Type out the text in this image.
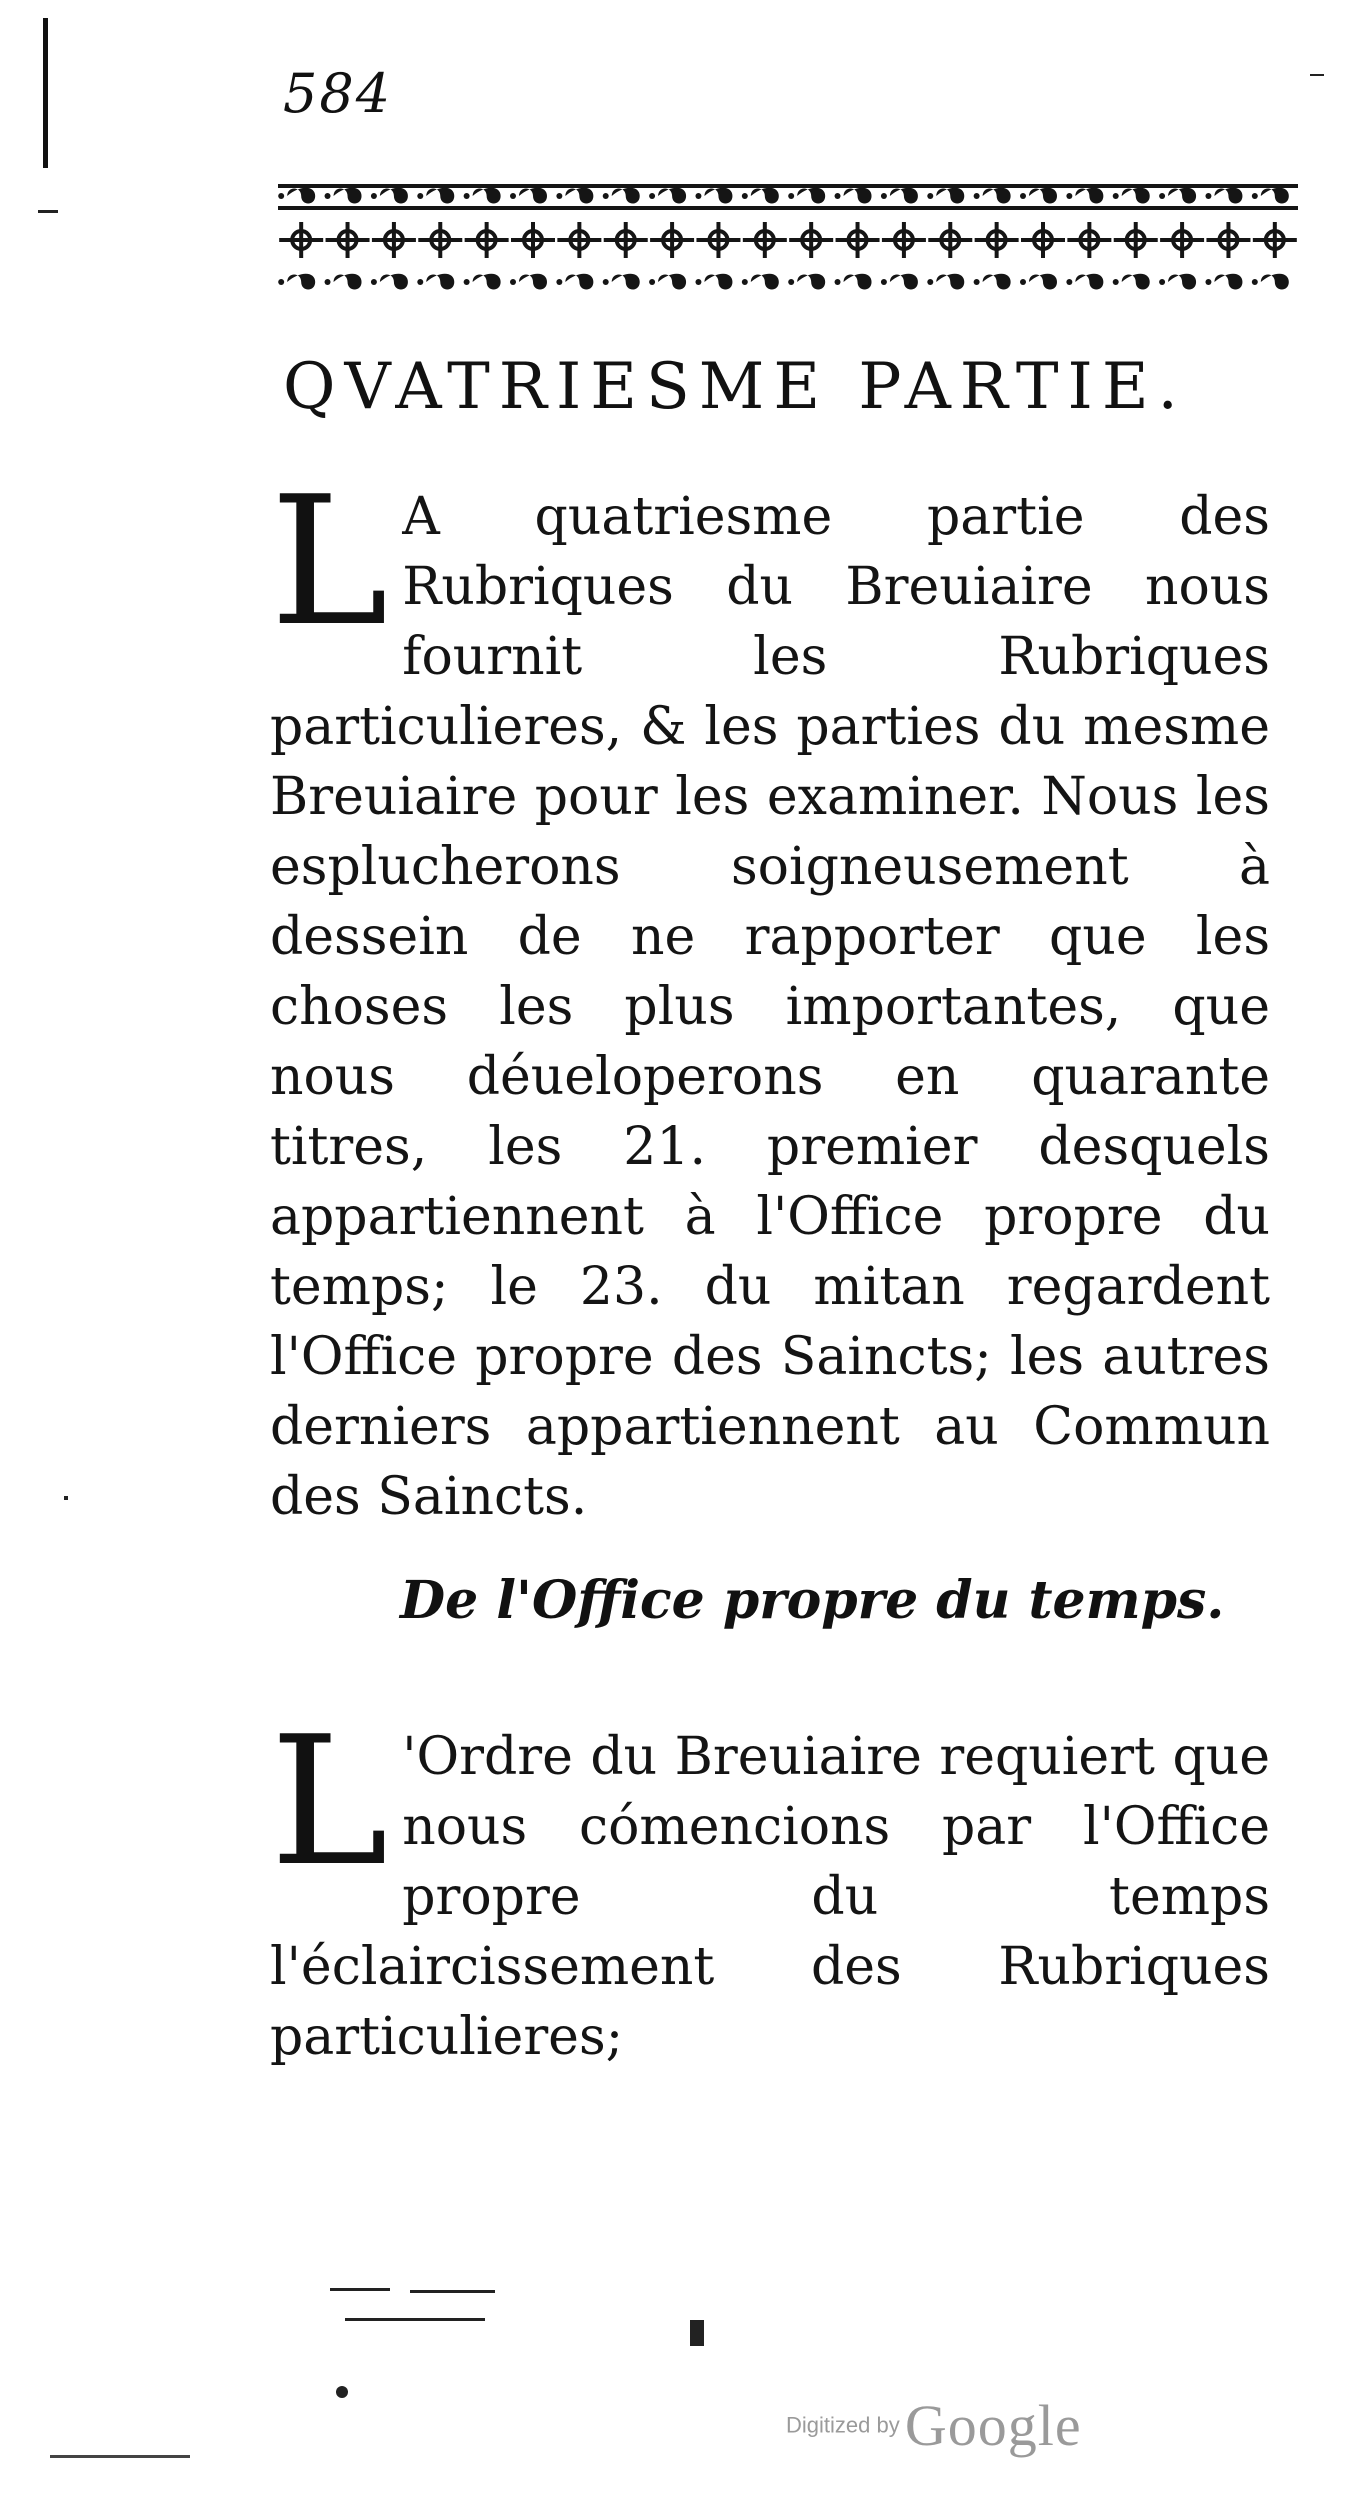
584
QVATRIESME PARTIE.
L A quatriesme partie des Rubriques du Breuiaire nous fournit les Rubriques particulieres, & les parties du mesme Breuiaire pour les examiner. Nous les esplucherons soigneusement à dessein de ne rapporter que les choses les plus importantes, que nous déueloperons en quarante titres, les 21. premier desquels appartiennent à l'Office propre du temps; le 23. du mitan regardent l'Office propre des Saincts; les autres derniers appartiennent au Commun des Saincts.
De l'Office propre du temps.
L 'Ordre du Breuiaire requiert que nous cómencions par l'Office propre du temps l'éclaircissement des Rubriques particulieres;
Digitized by Google
